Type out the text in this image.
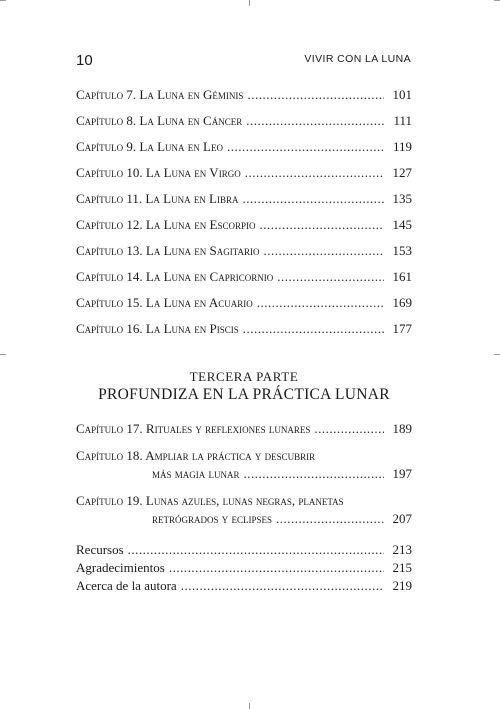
10	VIVIR CON LA LUNA
Capítulo 7. La Luna en Géminis .....	101
Capítulo 8. La Luna en Cáncer .....	111
Capítulo 9. La Luna en Leo .....	119
Capítulo 10. La Luna en Virgo .....	127
Capítulo 11. La Luna en Libra .....	135
Capítulo 12. La Luna en Escorpio .....	145
Capítulo 13. La Luna en Sagitario .....	153
Capítulo 14. La Luna en Capricornio .....	161
Capítulo 15. La Luna en Acuario .....	169
Capítulo 16. La Luna en Piscis .....	177
TERCERA PARTE
PROFUNDIZA EN LA PRÁCTICA LUNAR
Capítulo 17. Rituales y reflexiones lunares .....	189
Capítulo 18. Ampliar la práctica y descubrir
más magia lunar .....	197
Capítulo 19. Lunas azules, lunas negras, planetas
retrógrados y eclipses .....	207
Recursos .....	213
Agradecimientos .....	215
Acerca de la autora .....	219
